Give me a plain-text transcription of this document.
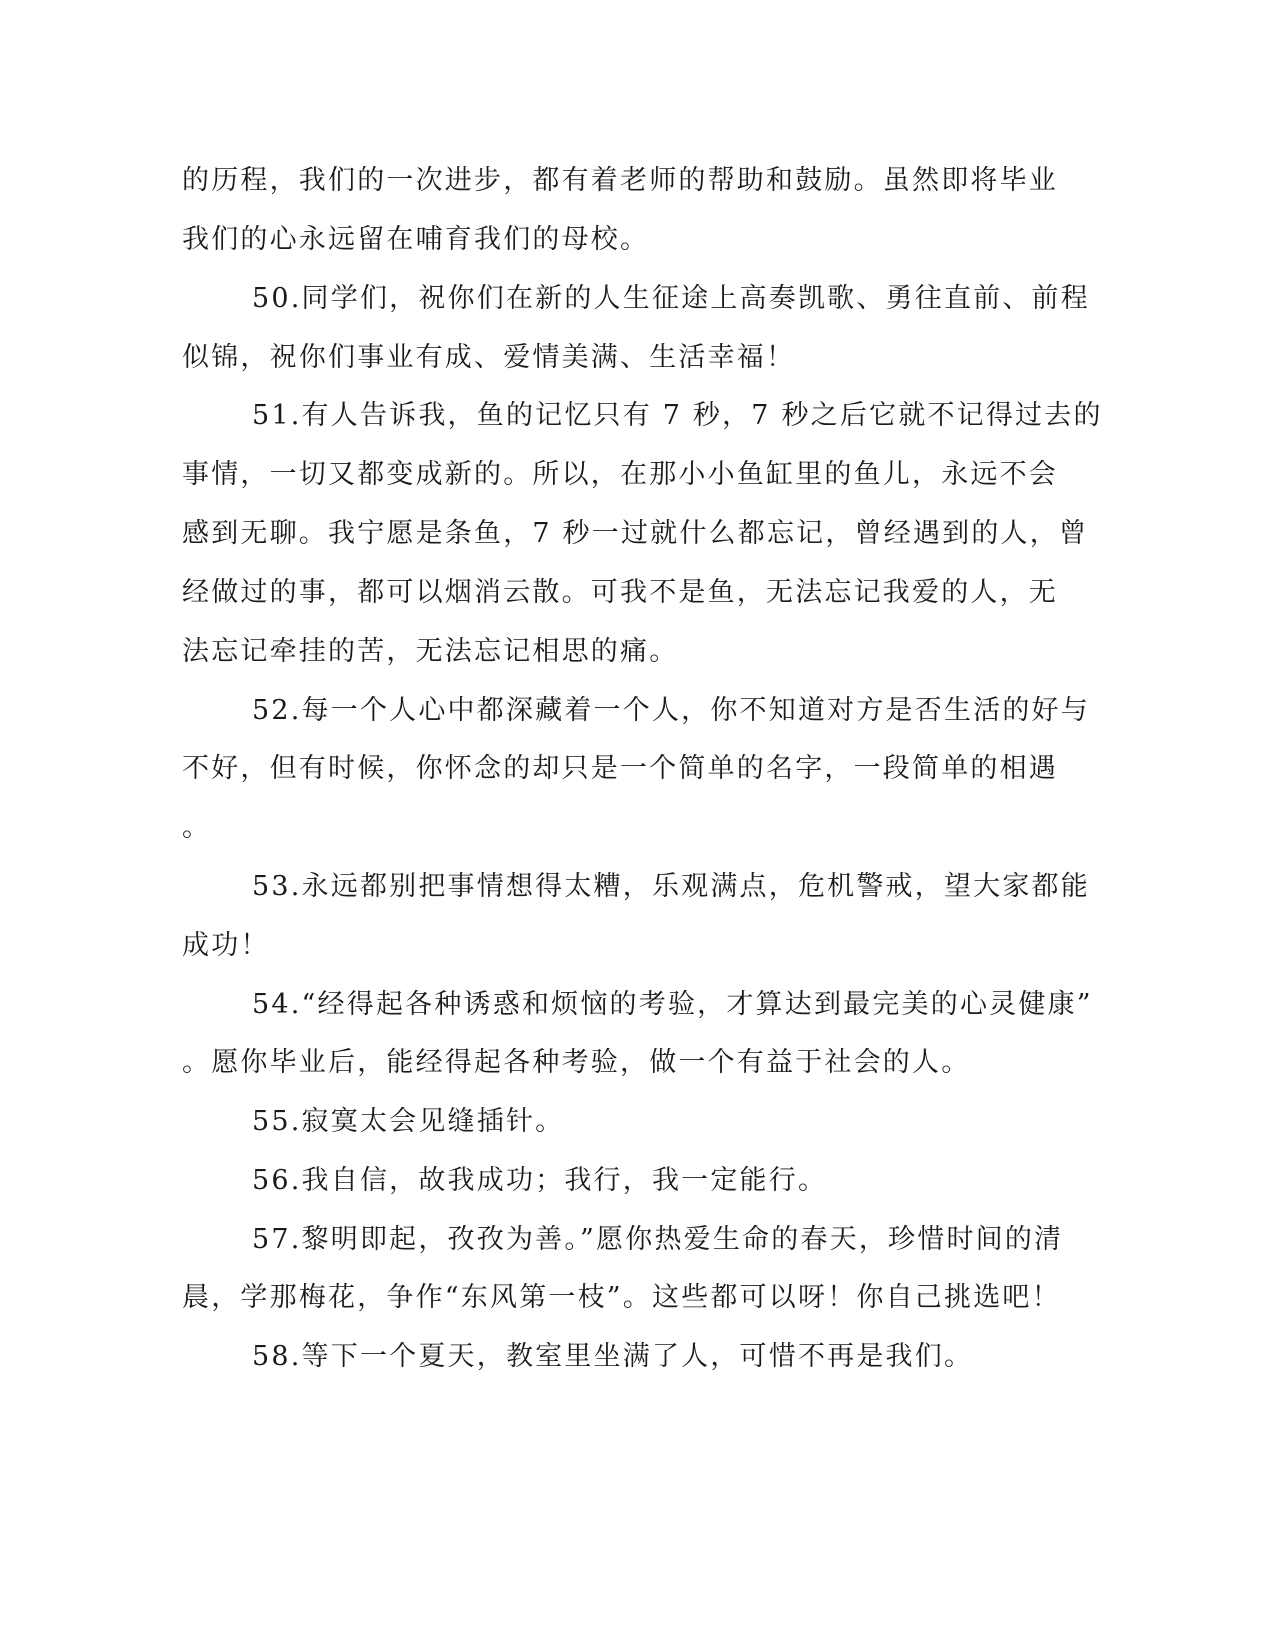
的历程，我们的一次进步，都有着老师的帮助和鼓励。虽然即将毕业
我们的心永远留在哺育我们的母校。
50.同学们，祝你们在新的人生征途上高奏凯歌、勇往直前、前程
似锦，祝你们事业有成、爱情美满、生活幸福！
51.有人告诉我，鱼的记忆只有 7 秒，7 秒之后它就不记得过去的
事情，一切又都变成新的。所以，在那小小鱼缸里的鱼儿，永远不会
感到无聊。我宁愿是条鱼，7 秒一过就什么都忘记，曾经遇到的人，曾
经做过的事，都可以烟消云散。可我不是鱼，无法忘记我爱的人，无
法忘记牵挂的苦，无法忘记相思的痛。
52.每一个人心中都深藏着一个人，你不知道对方是否生活的好与
不好，但有时候，你怀念的却只是一个简单的名字，一段简单的相遇
。
53.永远都别把事情想得太糟，乐观满点，危机警戒，望大家都能
成功！
54.“经得起各种诱惑和烦恼的考验，才算达到最完美的心灵健康”
。愿你毕业后，能经得起各种考验，做一个有益于社会的人。
55.寂寞太会见缝插针。
56.我自信，故我成功；我行，我一定能行。
57.黎明即起，孜孜为善。”愿你热爱生命的春天，珍惜时间的清
晨，学那梅花，争作“东风第一枝”。这些都可以呀！你自己挑选吧！
58.等下一个夏天，教室里坐满了人，可惜不再是我们。
